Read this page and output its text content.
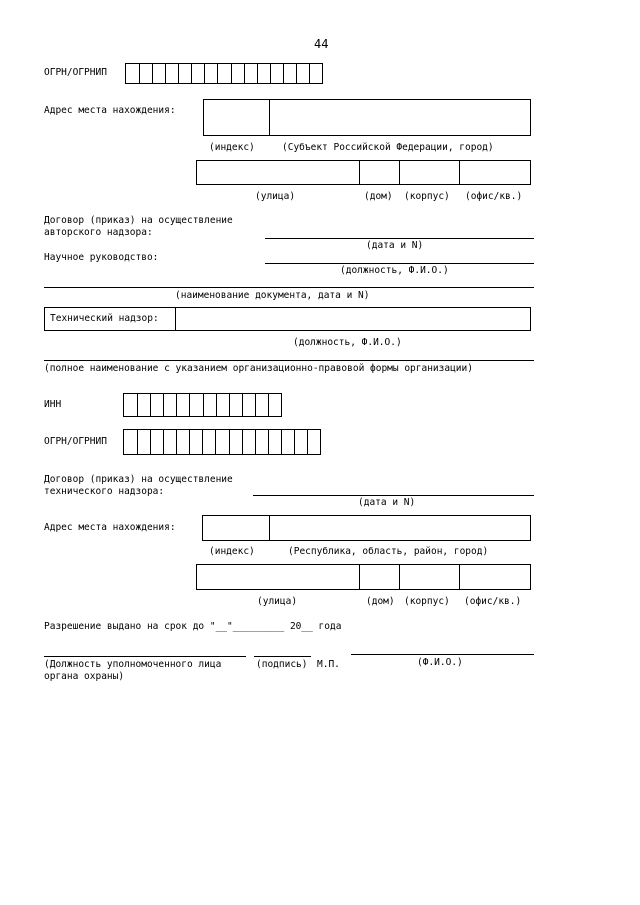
44
ОГРН/ОГРНИП
Адрес места нахождения:
(индекс)	(Субъект Российской Федерации, город)
(улица)	(дом) (корпус) (офис/кв.)
Договор (приказ) на осуществление
авторского надзора:
(дата и N)
Научное руководство:
(должность, Ф.И.О.)
(наименование документа, дата и N)
Технический надзор:
(должность, Ф.И.О.)
(полное наименование с указанием организационно-правовой формы организации)
ИНН
ОГРН/ОГРНИП
Договор (приказ) на осуществление
технического надзора:
(дата и N)
Адрес места нахождения:
(индекс)	(Республика, область, район, город)
(улица)	(дом) (корпус) (офис/кв.)
Разрешение выдано на срок до "__"_________ 20__ года
(Должность уполномоченного лица
органа охраны)
(подпись) М.П.	(Ф.И.О.)
